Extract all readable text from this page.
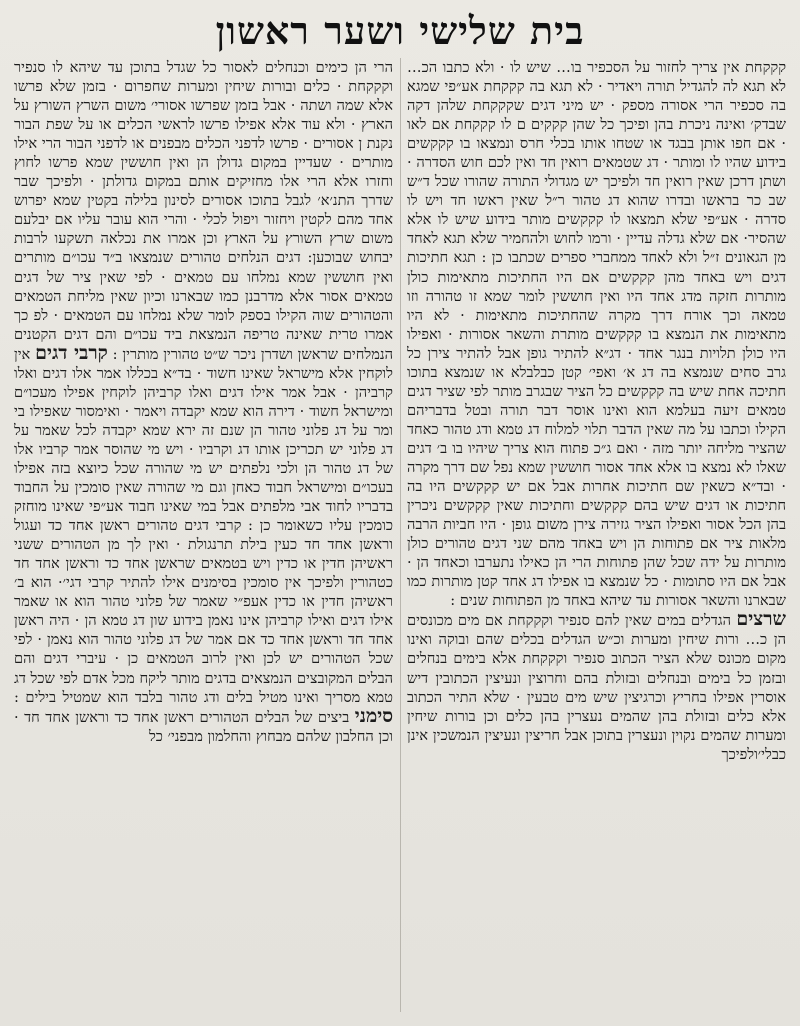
בית שלישי ושער ראשון

קקקחת אין צריך לחזור על הסכפיר בו… שיש לו · ולא כתבו הכ… לא תגא לה להגדיל תורה ויאדיר · לא תגא בה קקקחת אע״פי שמגא בה סכפיר הרי אסורה מספק · יש מיני דגים שקקקחת שלהן דקה שבדק׳ ואינה ניכרת בהן ופיכך כל שהן קקקים ם לו קקקחת אם לאו · אם חפו אותן בבגד או שטחו אותו בכלי חרס ונמצאו בו קקקשים בידוע שהיו לו ומותר · דג שטמאים רואין חד ואין לכם חוש הסדרה · ושתן דרכן שאין רואין חד ולפיכך יש מגדולי התורה שהורו שכל ד״ש שב כר בראשו ובדרו שהוא דג טהור ר״ל שאין ראשו חד ויש לו סדרה · אע״פי שלא תמצאו לו קקקשים מותר בידוע שיש לו אלא שהסיר· אם שלא גדלה עדיין · ורמו לחוש ולהחמיר שלא תגא לאחד מן הגאונים ז״ל ולא לאחד ממחברי ספרים שכתבו כן : תגא חתיכות דגים ויש באחד מהן קקקשים אם היו החתיכות מתאימות כולן מותרות חזקה מדג אחד היו ואין חוששין לומר שמא זו טהורה וזו טמאה וכך אורח דרך מקרה שהחתיכות מתאימות · לא היו מתאימות את הנמצא בו קקקשים מותרת והשאר אסורות · ואפילו היו כולן תלויות בנגר אחד · דג״א להתיר גופן אבל להתיר צירן כל גרב סחים שנמצא בה דג א׳ ואפי׳ קטן כבלבלא או שנמצא בתוכו חתיכה אחת שיש בה קקקשים כל הציר שבגרב מותר לפי שציר דגים טמאים זיעה בעלמא הוא ואינו אוסר דבר תורה ובטל בדבריהם הקילו וכתבו על מה שאין הדבר תלוי למלוח דג טמא ודג טהור כאחד שהציר מליחה יותר מזה · ואם ג״כ פתוח הוא צריך שיהיו בו ב׳ דגים שאלו לא נמצא בו אלא אחד אסור חוששין שמא נפל שם דרך מקרה · ובד״א כשאין שם חתיכות אחרות אבל אם יש קקקשים היו בה חתיכות או דגים שיש בהם קקקשים וחתיכות שאין קקקשים ניכרין בהן הכל אסור ואפילו הציר גזירה צירן משום גופן · היו חביות הרבה מלאות ציר אם פתוחות הן ויש באחד מהם שני דגים טהורים כולן מותרות על ידה שכל שהן פתוחות הרי הן כאילו נתערבו וכאחד הן · אבל אם היו סתומות · כל שנמצא בו אפילו דג אחד קטן מותרות כמו שבארנו והשאר אסורות עד שיהא באחד מן הפתוחות שנים :
שרצים הגדלים במים שאין להם סנפיר וקקקחת אם מים מכונסים הן כ… ורות שיחין ומערות וכ״ש הגדלים בכלים שהם ובוקה ואינו מקום מכונס שלא הציר הכתוב סנפיר וקקקחת אלא בימים בנחלים ובזמן כל בימים ובנחלים ובזולת בהם וחרוצין ונעיצין הכתובין דיש אוסרין אפילו בחריץ וכרגיצין שיש מים טבעין · שלא התיר הכתוב אלא כלים ובזולת בהן שהמים נעצרין בהן כלים וכן בורות שיחין ומערות שהמים נקוין ונעצרין בתוכן אבל חריצין ונעיצין הנמשכין אינן כבלי׳ולפיכך

הרי הן כימים וכנחלים לאסור כל שגדל בתוכן עד שיהא לו סנפיר וקקקחת · כלים ובורות שיחין ומערות שחפרום · בזמן שלא פרשו אלא שמה ושתה · אבל בזמן שפרשו אסורי׳ משום השרץ השורץ על הארץ · ולא עוד אלא אפילו פרשו לראשי הכלים או על שפת הבור נקנת ן אסורים · פרשו לדפני הכלים מבפנים או לדפני הבור הרי אילו מותרים · שעדיין במקום גדולן הן ואין חוששין שמא פרשו לחוץ וחזרו אלא הרי אלו מחזיקים אותם במקום גדולתן · ולפיכך שבר שדרך התנ׳א׳ לגבל בתוכו אסורים לסינון בלילה בקטין שמא יפרוש אחד מהם לקטין ויחזור ויפול לכלי · והרי הוא עובר עליו אם יבלעם משום שרץ השורץ על הארץ וכן אמרו את נכלאה תשקעו לרבות יבחוש שבוכען: דגים הנלחים טהורים שנמצאו ב״ד עכו״ם מותרים ואין חוששין שמא נמלחו עם טמאים · לפי שאין ציר של דגים טמאים אסור אלא מדרבנן כמו שבארנו וכיון שאין מליחת הטמאים והטהורים שוה הקילו בספק לומר שלא נמלחו עם הטמאים · לפ כך אמרו טרית שאינה טריפה הנמצאת ביד עכו״ם והם דגים הקטנים הנמלחים שראשן ושדרן ניכר ש״ט טהורין מותרין : קרבי דגים אין לוקחין אלא מישראל שאינו חשוד · בד״א בכללו אמר אלו דגים ואלו קרביהן · אבל אמר אילו דגים ואלו קרביהן לוקחין אפילו מעכו״ם ומישראל חשוד · דירה הוא שמא יקבדה ויאמר · ואימסור שאפילו בי ומר על דג פלוני טהור הן שנם זה ירא שמא יקבדה לכל שאמר על דג פלוני יש תכריכן אותו דג וקרביו · ויש מי שהוסר אמר קרביו אלו של דג טהור הן ולכי נלפתים יש מי שהורה שכל כיוצא בזה אפילו בעכו״ם ומישראל חבוד כאחן וגם מי שהורה שאין סומכין על החבוד בדבריו לחוד אבי מלפתים אבל במי שאינו חבוד אע״פי שאינו מוחזק כומכין עליו כשאומר כן : קרבי דגים טהורים ראשן אחד כד ועגול וראשן אחד חד כעין בילת תרנגולת · ואין לך מן הטהורים ששני ראשיהן חדין או כדין ויש בטמאים שראשן אחד כד וראשן אחד חד כטהורין ולפיכך אין סומכין בסימנים אילו להתיר קרבי דגי׳· הוא ב׳ ראשיהן חדין או כדין אעפ״י שאמר של פלוני טהור הוא או שאמר אילו דגים ואילו קרביהן אינו נאמן בידוע שון דג טמא הן · היה ראשן אחד חד וראשן אחד כד אם אמר של דג פלוני טהור הוא נאמן · לפי שכל הטהורים יש לכן ואין לרוב הטמאים כן · עיברי דגים והם הבלים המקובצים הנמצאים בדגים מותר ליקח מכל אדם לפי שכל דג טמא מסריך ואינו מטיל בלים ודג טהור בלבד הוא שמטיל בילים : סימני ביצים של הבלים הטהורים ראשן אחד כד וראשן אחד חד · וכן החלבון שלהם מבחוץ והחלמון מבפני׳ כל
